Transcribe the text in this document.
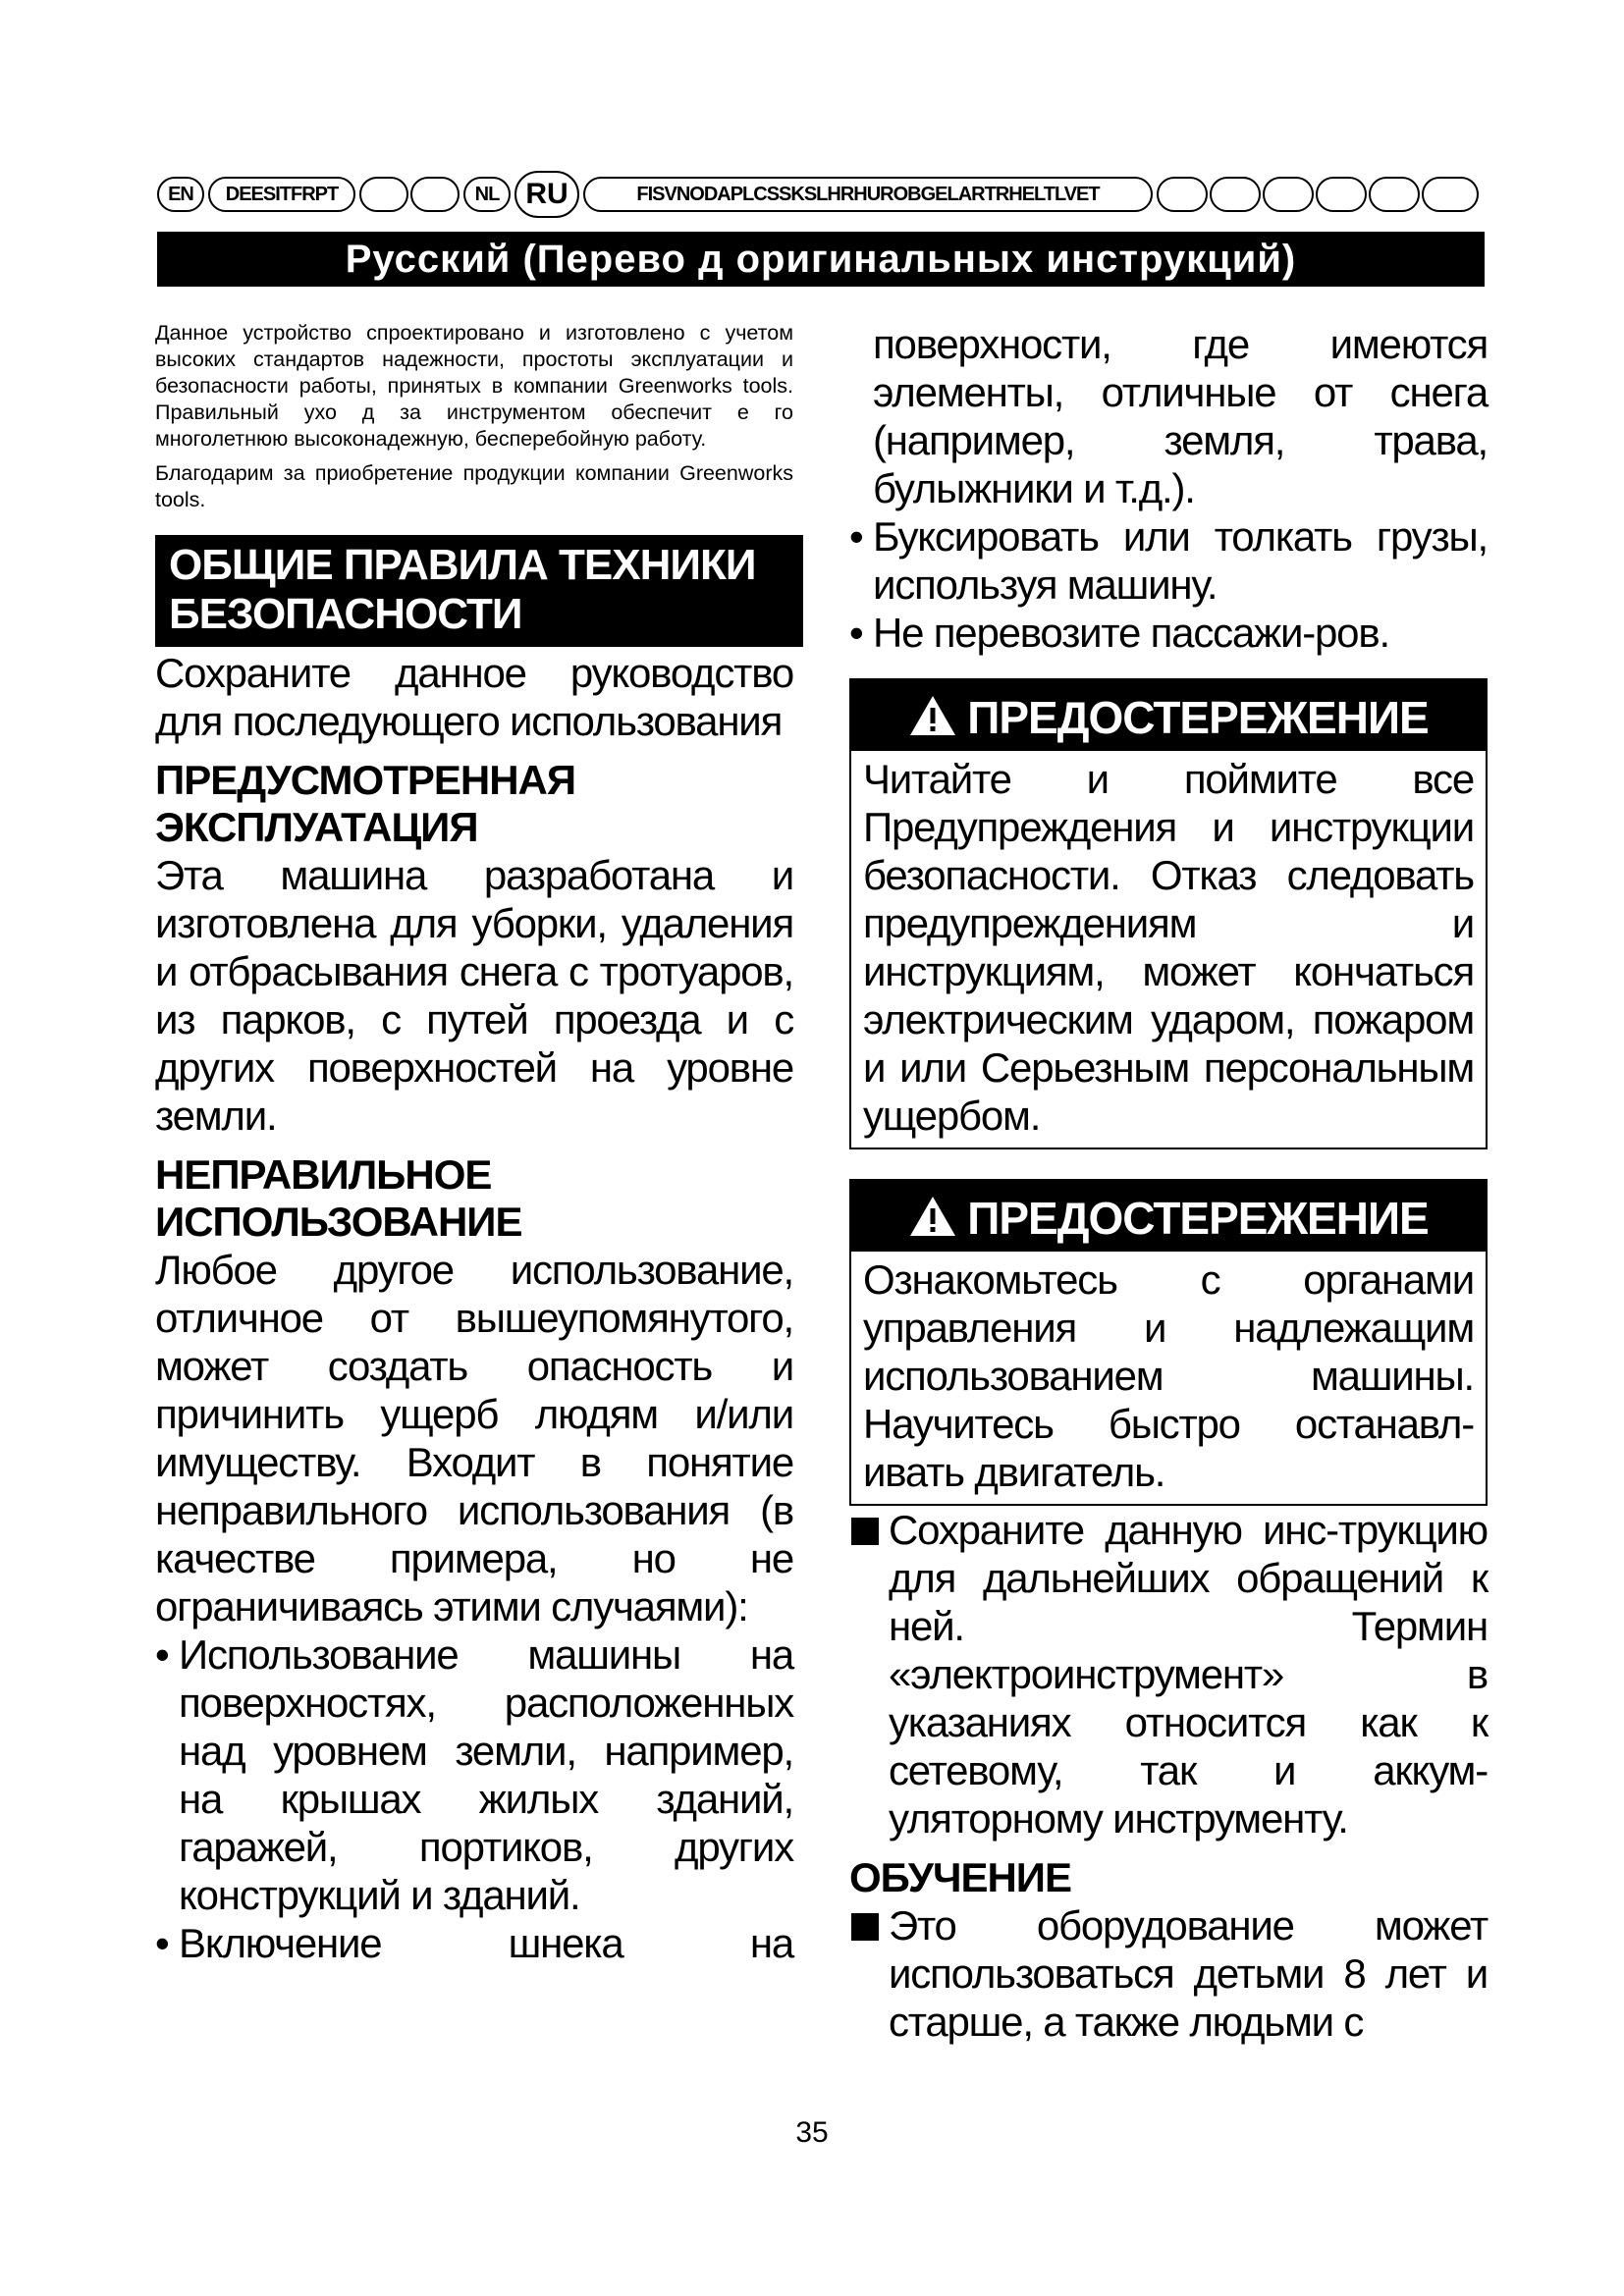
EN	DEESITFRPT	NL RU	FISVNODAPLCSSKSLHRHUROBGELARTRHELTLVET
Русский (Перево д оригинальных инструкций)

Данное устройство спроектировано и изготовлено с учетом высоких стандартов надежности, простоты эксплуатации и безопасности работы, принятых в компании Greenworks tools. Правильный ухо д за инструментом обеспечит е го многолетнюю высоконадежную, бесперебойную работу.

Благодарим за приобретение продукции компании Greenworks tools.

ОБЩИЕ ПРАВИЛА ТЕХНИКИ БЕЗОПАСНОСТИ

Сохраните данное руководство для последующего использования

ПРЕДУСМОТРЕННАЯ ЭКСПЛУАТАЦИЯ

Эта машина разработана и изготовлена для уборки, удаления и отбрасывания снега с тротуаров, из парков, с путей проезда и с других поверхностей на уровне земли.

НЕПРАВИЛЬНОЕ ИСПОЛЬЗОВАНИЕ

Любое другое использование, отличное от вышеупомянутого, может создать опасность и причинить ущерб людям и/или имуществу. Входит в понятие неправильного использования (в качестве примера, но не ограничиваясь этими случаями):

• Использование машины на поверхностях, расположенных над уровнем земли, например, на крышах жилых зданий, гаражей, портиков, других конструкций и зданий.
• Включение шнека на
поверхности, где имеются элементы, отличные от снега (например, земля, трава, булыжники и т.д.).
• Буксировать или толкать грузы, используя машину.
• Не перевозите пассажи-ров.
ПРЕДОСТЕРЕЖЕНИЕ
Читайте и поймите все Предупреждения и инструкции безопасности. Отказ следовать предупреждениям и инструкциям, может кончаться электрическим ударом, пожаром и или Серьезным персональным ущербом.
ПРЕДОСТЕРЕЖЕНИЕ
Ознакомьтесь с органами управления и надлежащим использованием машины. Научитесь быстро останавл-ивать двигатель.
Сохраните данную инс-трукцию для дальнейших обращений к ней. Термин «электроинструмент» в указаниях относится как к сетевому, так и аккум-уляторному инструменту.
ОБУЧЕНИЕ
Это оборудование может использоваться детьми 8 лет и старше, а также людьми с
35
